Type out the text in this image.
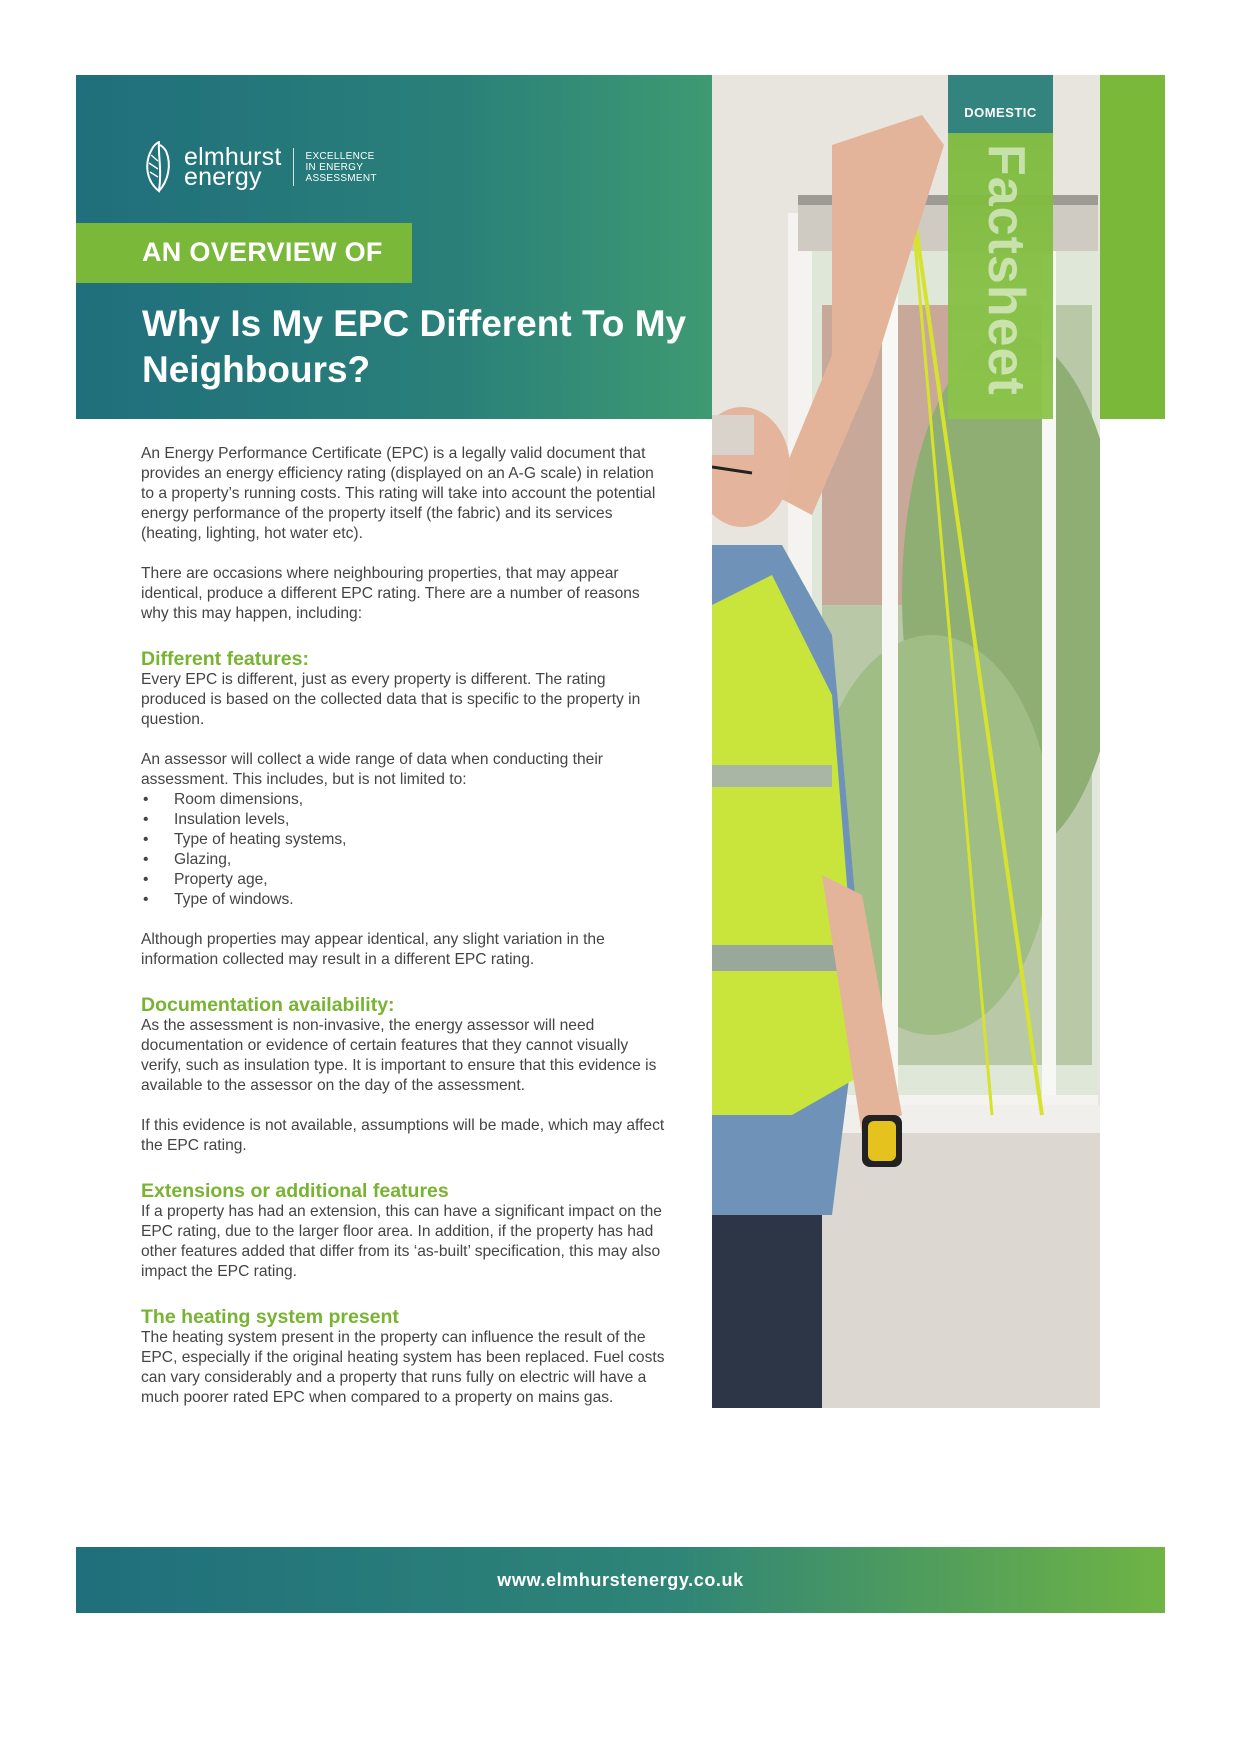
elmhurst
energy
EXCELLENCE
IN ENERGY
ASSESSMENT
AN OVERVIEW OF
Why Is My EPC Different To My Neighbours?
DOMESTIC
Factsheet

An Energy Performance Certificate (EPC) is a legally valid document that provides an energy efficiency rating (displayed on an A-G scale) in relation to a property’s running costs. This rating will take into account the potential energy performance of the property itself (the fabric) and its services (heating, lighting, hot water etc).

There are occasions where neighbouring properties, that may appear identical, produce a different EPC rating. There are a number of reasons why this may happen, including:

Different features:

Every EPC is different, just as every property is different. The rating produced is based on the collected data that is specific to the property in question.

An assessor will collect a wide range of data when conducting their assessment. This includes, but is not limited to:

• Room dimensions,
• Insulation levels,
• Type of heating systems,
• Glazing,
• Property age,
• Type of windows.

Although properties may appear identical, any slight variation in the information collected may result in a different EPC rating.

Documentation availability:

As the assessment is non-invasive, the energy assessor will need documentation or evidence of certain features that they cannot visually verify, such as insulation type. It is important to ensure that this evidence is available to the assessor on the day of the assessment.

If this evidence is not available, assumptions will be made, which may affect the EPC rating.

Extensions or additional features

If a property has had an extension, this can have a significant impact on the EPC rating, due to the larger floor area. In addition, if the property has had other features added that differ from its ‘as-built’ specification, this may also impact the EPC rating.

The heating system present

The heating system present in the property can influence the result of the EPC, especially if the original heating system has been replaced. Fuel costs can vary considerably and a property that runs fully on electric will have a much poorer rated EPC when compared to a property on mains gas.

www.elmhurstenergy.co.uk
